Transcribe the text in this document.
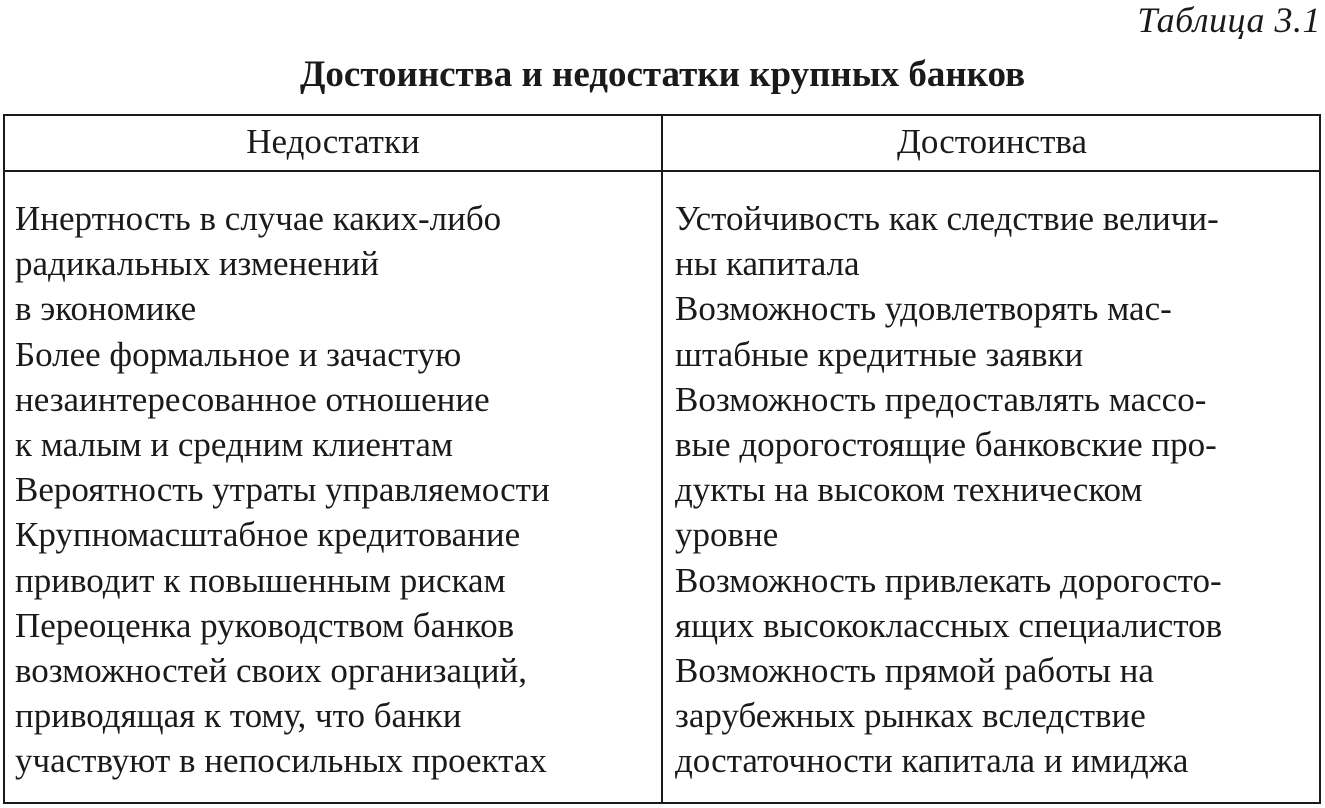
Таблица 3.1
Достоинства и недостатки крупных банков
Недостатки	Достоинства
Инертность в случае каких-либо
радикальных изменений
в экономике
Более формальное и зачастую
незаинтересованное отношение
к малым и средним клиентам
Вероятность утраты управляемости
Крупномасштабное кредитование
приводит к повышенным рискам
Переоценка руководством банков
возможностей своих организаций,
приводящая к тому, что банки
участвуют в непосильных проектах
Устойчивость как следствие величи-
ны капитала
Возможность удовлетворять мас-
штабные кредитные заявки
Возможность предоставлять массо-
вые дорогостоящие банковские про-
дукты на высоком техническом
уровне
Возможность привлекать дорогосто-
ящих высококлассных специалистов
Возможность прямой работы на
зарубежных рынках вследствие
достаточности капитала и имиджа
